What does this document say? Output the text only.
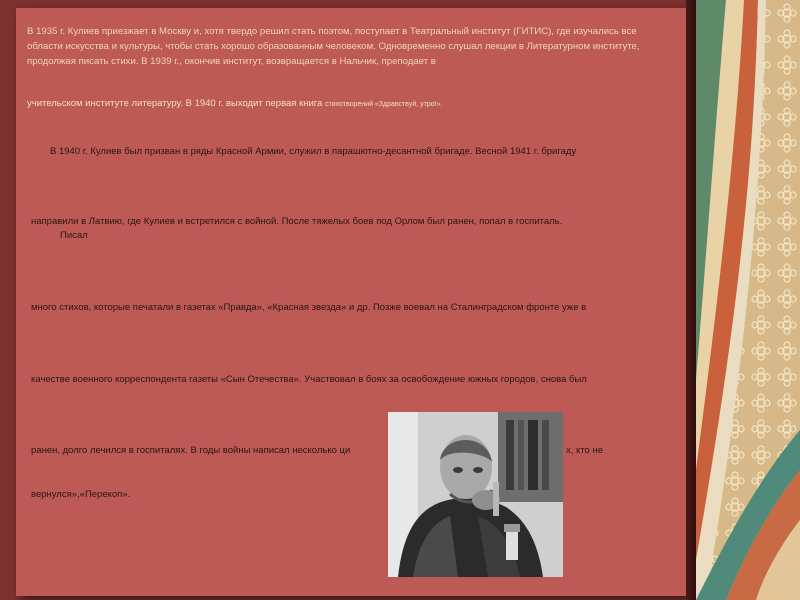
В 1935 г. Кулиев приезжает в Москву и, хотя твердо решил стать поэтом, поступает в Театральный институт (ГИТИС), где изучались все области искусства и культуры, чтобы стать хорошо образованным человеком. Одновременно слушал лекции в Литературном институте, продолжая писать стихи. В 1939 г., окончив институт, возвращается в Нальчик, преподает в

учительском институте литературу. В 1940 г. выходит первая книга стихотворений «Здравствуй, утро!».

В 1940 г. Кулиев был призван в ряды Красной Армии, служил в парашютно-десантной бригаде. Весной 1941 г. бригаду

направили в Латвию, где Кулиев и встретился с войной. После тяжелых боев под Орлом был ранен, попал в госпиталь.

Писал

много стихов, которые печатали в газетах «Правда», «Красная звезда» и др. Позже воевал на Сталинградском фронте уже в

качестве военного корреспондента газеты «Сын Отечества». Участвовал в боях за освобождение южных городов, снова был

ранен, долго лечился в госпиталях. В годы войны написал несколько ци	х, кто не

вернулся»,«Перекоп».
